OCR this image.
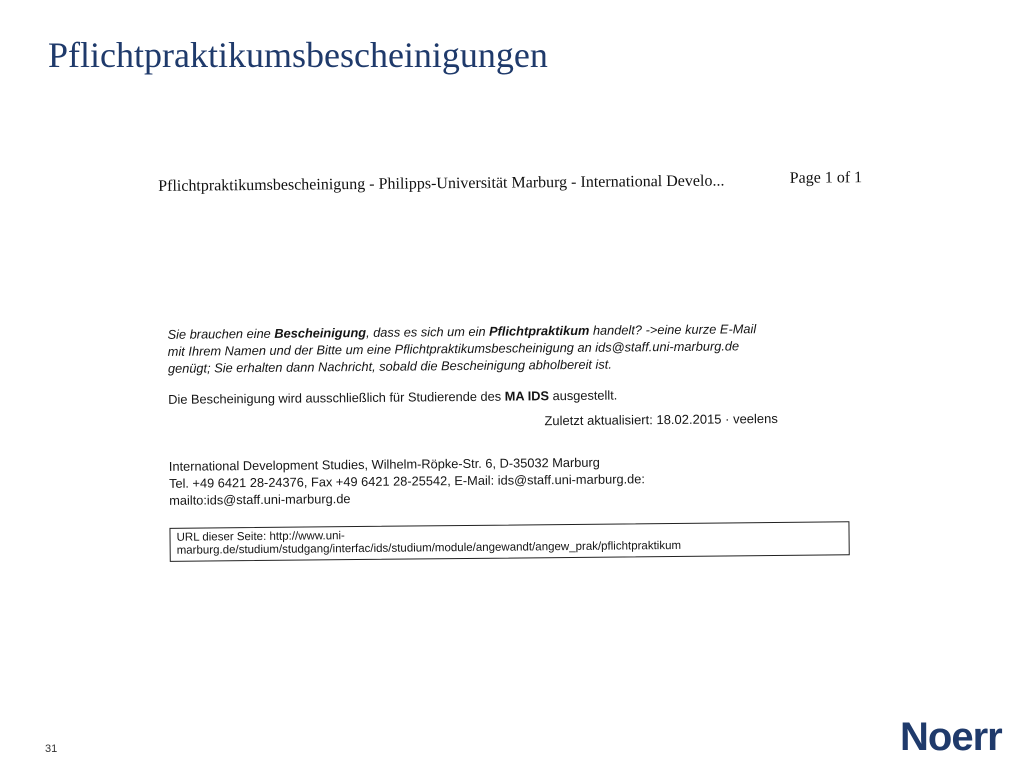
Pflichtpraktikumsbescheinigungen
Pflichtpraktikumsbescheinigung - Philipps-Universität Marburg - International Develo...	Page 1 of 1

Sie brauchen eine Bescheinigung, dass es sich um ein Pflichtpraktikum handelt? ->eine kurze E-Mail
mit Ihrem Namen und der Bitte um eine Pflichtpraktikumsbescheinigung an ids@staff.uni-marburg.de
genügt; Sie erhalten dann Nachricht, sobald die Bescheinigung abholbereit ist.

Die Bescheinigung wird ausschließlich für Studierende des MA IDS ausgestellt.

Zuletzt aktualisiert: 18.02.2015 · veelens

International Development Studies, Wilhelm-Röpke-Str. 6, D-35032 Marburg
Tel. +49 6421 28-24376, Fax +49 6421 28-25542, E-Mail: ids@staff.uni-marburg.de:
mailto:ids@staff.uni-marburg.de

URL dieser Seite: http://www.uni-
marburg.de/studium/studgang/interfac/ids/studium/module/angewandt/angew_prak/pflichtpraktikum
31	Noerr
